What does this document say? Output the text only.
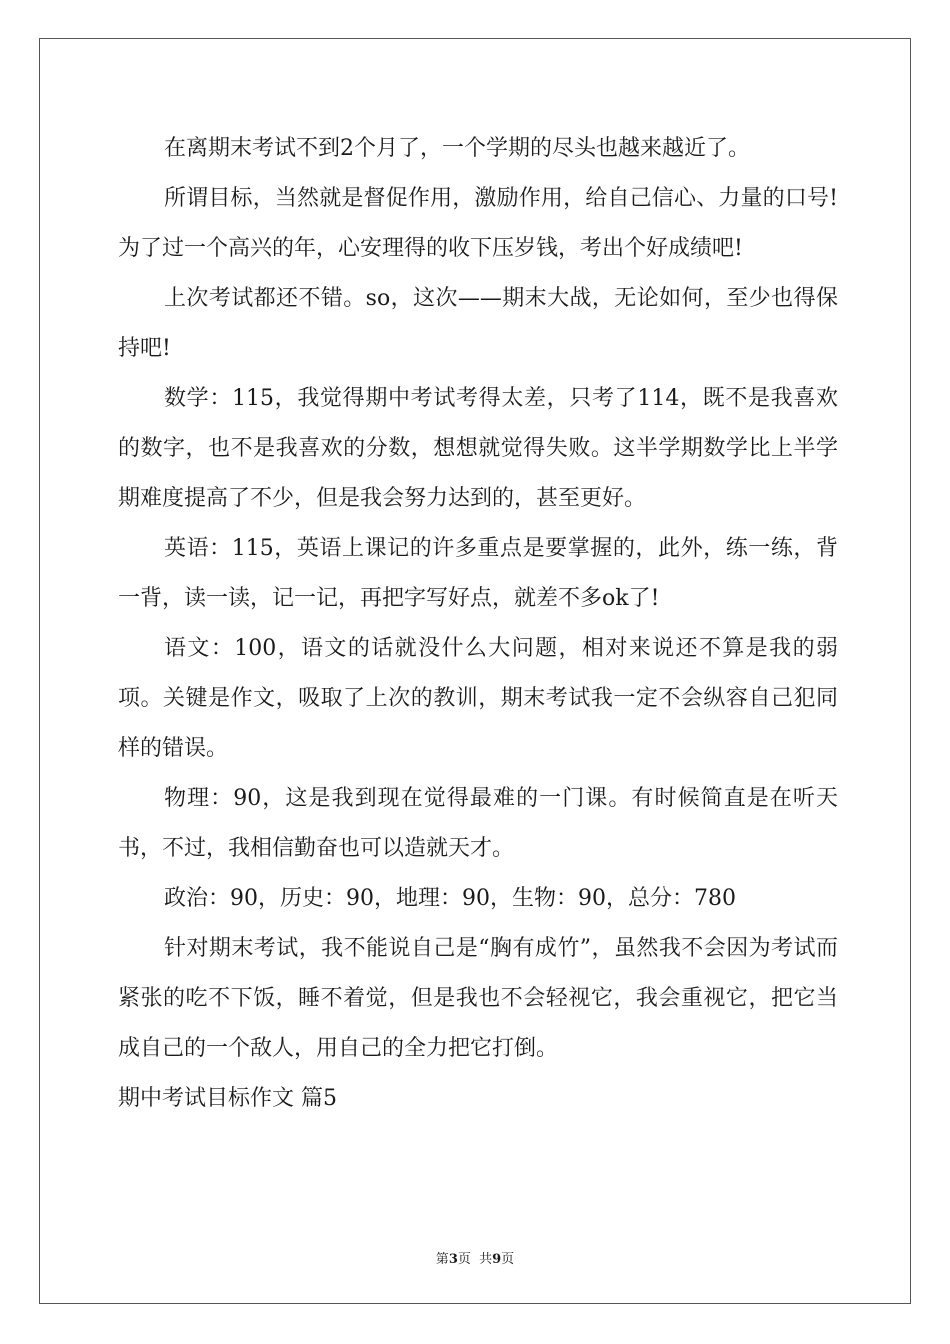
在离期末考试不到2个月了，一个学期的尽头也越来越近了。

所谓目标，当然就是督促作用，激励作用，给自己信心、力量的口号!为了过一个高兴的年，心安理得的收下压岁钱，考出个好成绩吧!

上次考试都还不错。so，这次——期末大战，无论如何，至少也得保持吧!

数学：115，我觉得期中考试考得太差，只考了114，既不是我喜欢的数字，也不是我喜欢的分数，想想就觉得失败。这半学期数学比上半学期难度提高了不少，但是我会努力达到的，甚至更好。

英语：115，英语上课记的许多重点是要掌握的，此外，练一练，背一背，读一读，记一记，再把字写好点，就差不多ok了!

语文：100，语文的话就没什么大问题，相对来说还不算是我的弱项。关键是作文，吸取了上次的教训，期末考试我一定不会纵容自己犯同样的错误。

物理：90，这是我到现在觉得最难的一门课。有时候简直是在听天书，不过，我相信勤奋也可以造就天才。

政治：90，历史：90，地理：90，生物：90，总分：780

针对期末考试，我不能说自己是“胸有成竹”，虽然我不会因为考试而紧张的吃不下饭，睡不着觉，但是我也不会轻视它，我会重视它，把它当成自己的一个敌人，用自己的全力把它打倒。

期中考试目标作文 篇5

第3页  共9页
